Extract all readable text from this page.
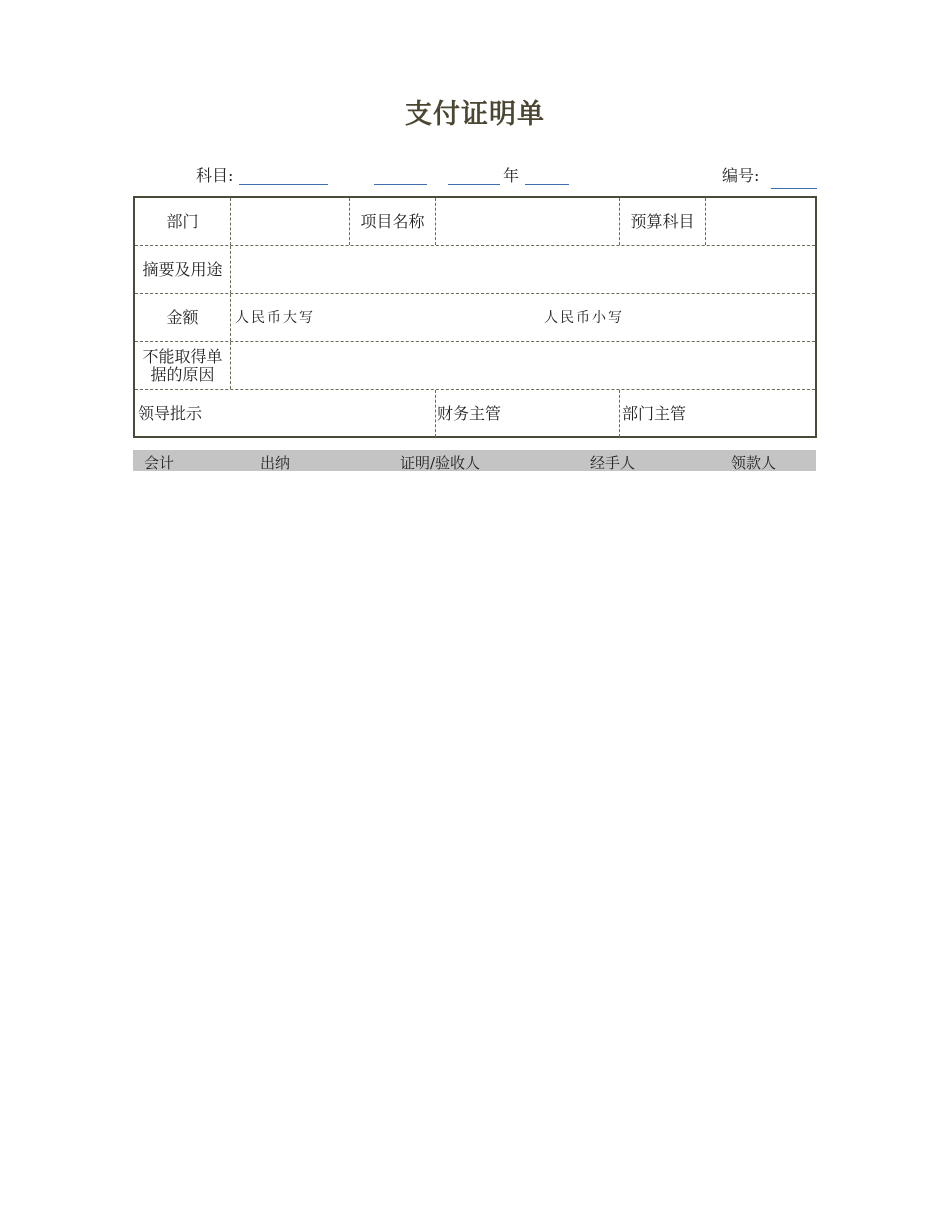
支付证明单
科目:	年	编号:
部门	项目名称	预算科目
摘要及用途
金额	人民币大写	人民币小写
不能取得单据的原因
领导批示	财务主管	部门主管
会计	出纳	证明/验收人	经手人	领款人
